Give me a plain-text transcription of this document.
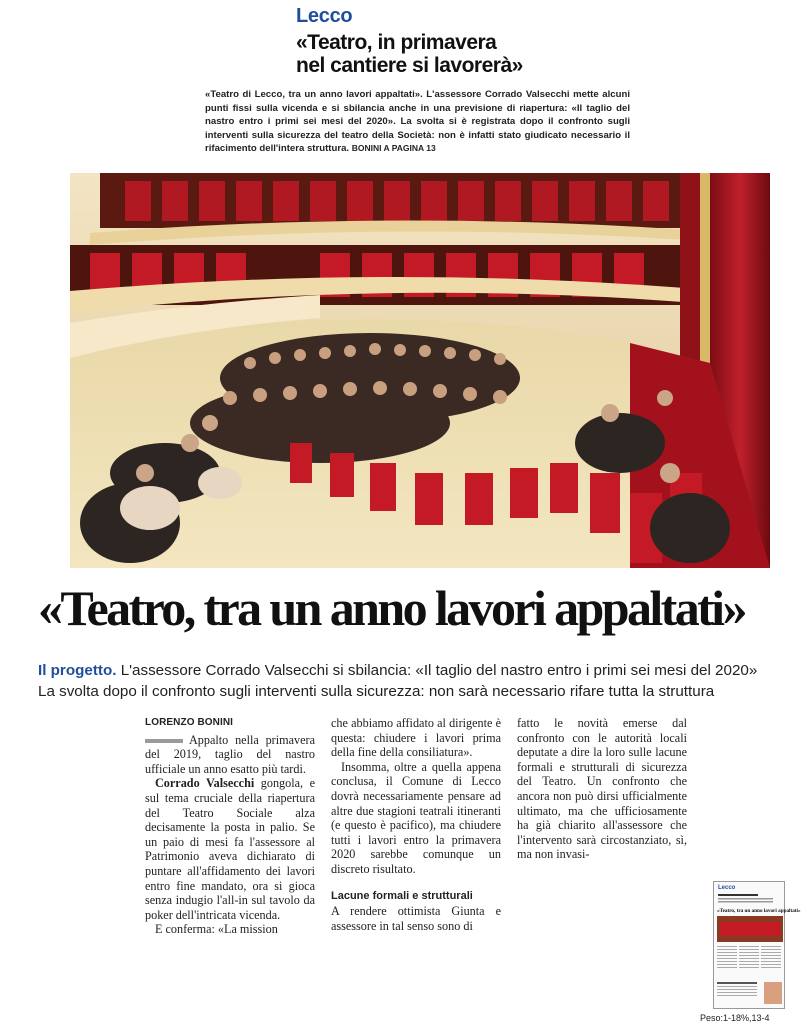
Lecco
«Teatro, in primavera
nel cantiere si lavorerà»
«Teatro di Lecco, tra un anno lavori appaltati». L'assessore Corrado Valsecchi mette alcuni punti fissi sulla vicenda e si sbilancia anche in una previsione di riapertura: «Il taglio del nastro entro i primi sei mesi del 2020». La svolta si è registrata dopo il confronto sugli interventi sulla sicurezza del teatro della Società: non è infatti stato giudicato necessario il rifacimento dell'intera struttura. BONINI A PAGINA 13
«Teatro, tra un anno lavori appaltati»
Il progetto. L'assessore Corrado Valsecchi si sbilancia: «Il taglio del nastro entro i primi sei mesi del 2020»
La svolta dopo il confronto sugli interventi sulla sicurezza: non sarà necessario rifare tutta la struttura
LORENZO BONINI

Appalto nella primavera del 2019, taglio del nastro ufficiale un anno esatto più tardi.

Corrado Valsecchi gongola, e sul tema cruciale della riapertura del Teatro Sociale alza decisamente la posta in palio. Se un paio di mesi fa l'assessore al Patrimonio aveva dichiarato di puntare all'affidamento dei lavori entro fine mandato, ora si gioca senza indugio l'all-in sul tavolo da poker dell'intricata vicenda.

E conferma: «La mission

che abbiamo affidato al dirigente è questa: chiudere i lavori prima della fine della consiliatura».

Insomma, oltre a quella appena conclusa, il Comune di Lecco dovrà necessariamente pensare ad altre due stagioni teatrali itineranti (e questo è pacifico), ma chiudere tutti i lavori entro la primavera 2020 sarebbe comunque un discreto risultato.

Lacune formali e strutturali

A rendere ottimista Giunta e assessore in tal senso sono di

fatto le novità emerse dal confronto con le autorità locali deputate a dire la loro sulle lacune formali e strutturali di sicurezza del Teatro. Un confronto che ancora non può dirsi ufficialmente ultimato, ma che ufficiosamente ha già chiarito all'assessore che l'intervento sarà circostanziato, sì, ma non invasi-

Lecco
«Teatro, tra un anno lavori appaltati»
Peso:1-18%,13-4
